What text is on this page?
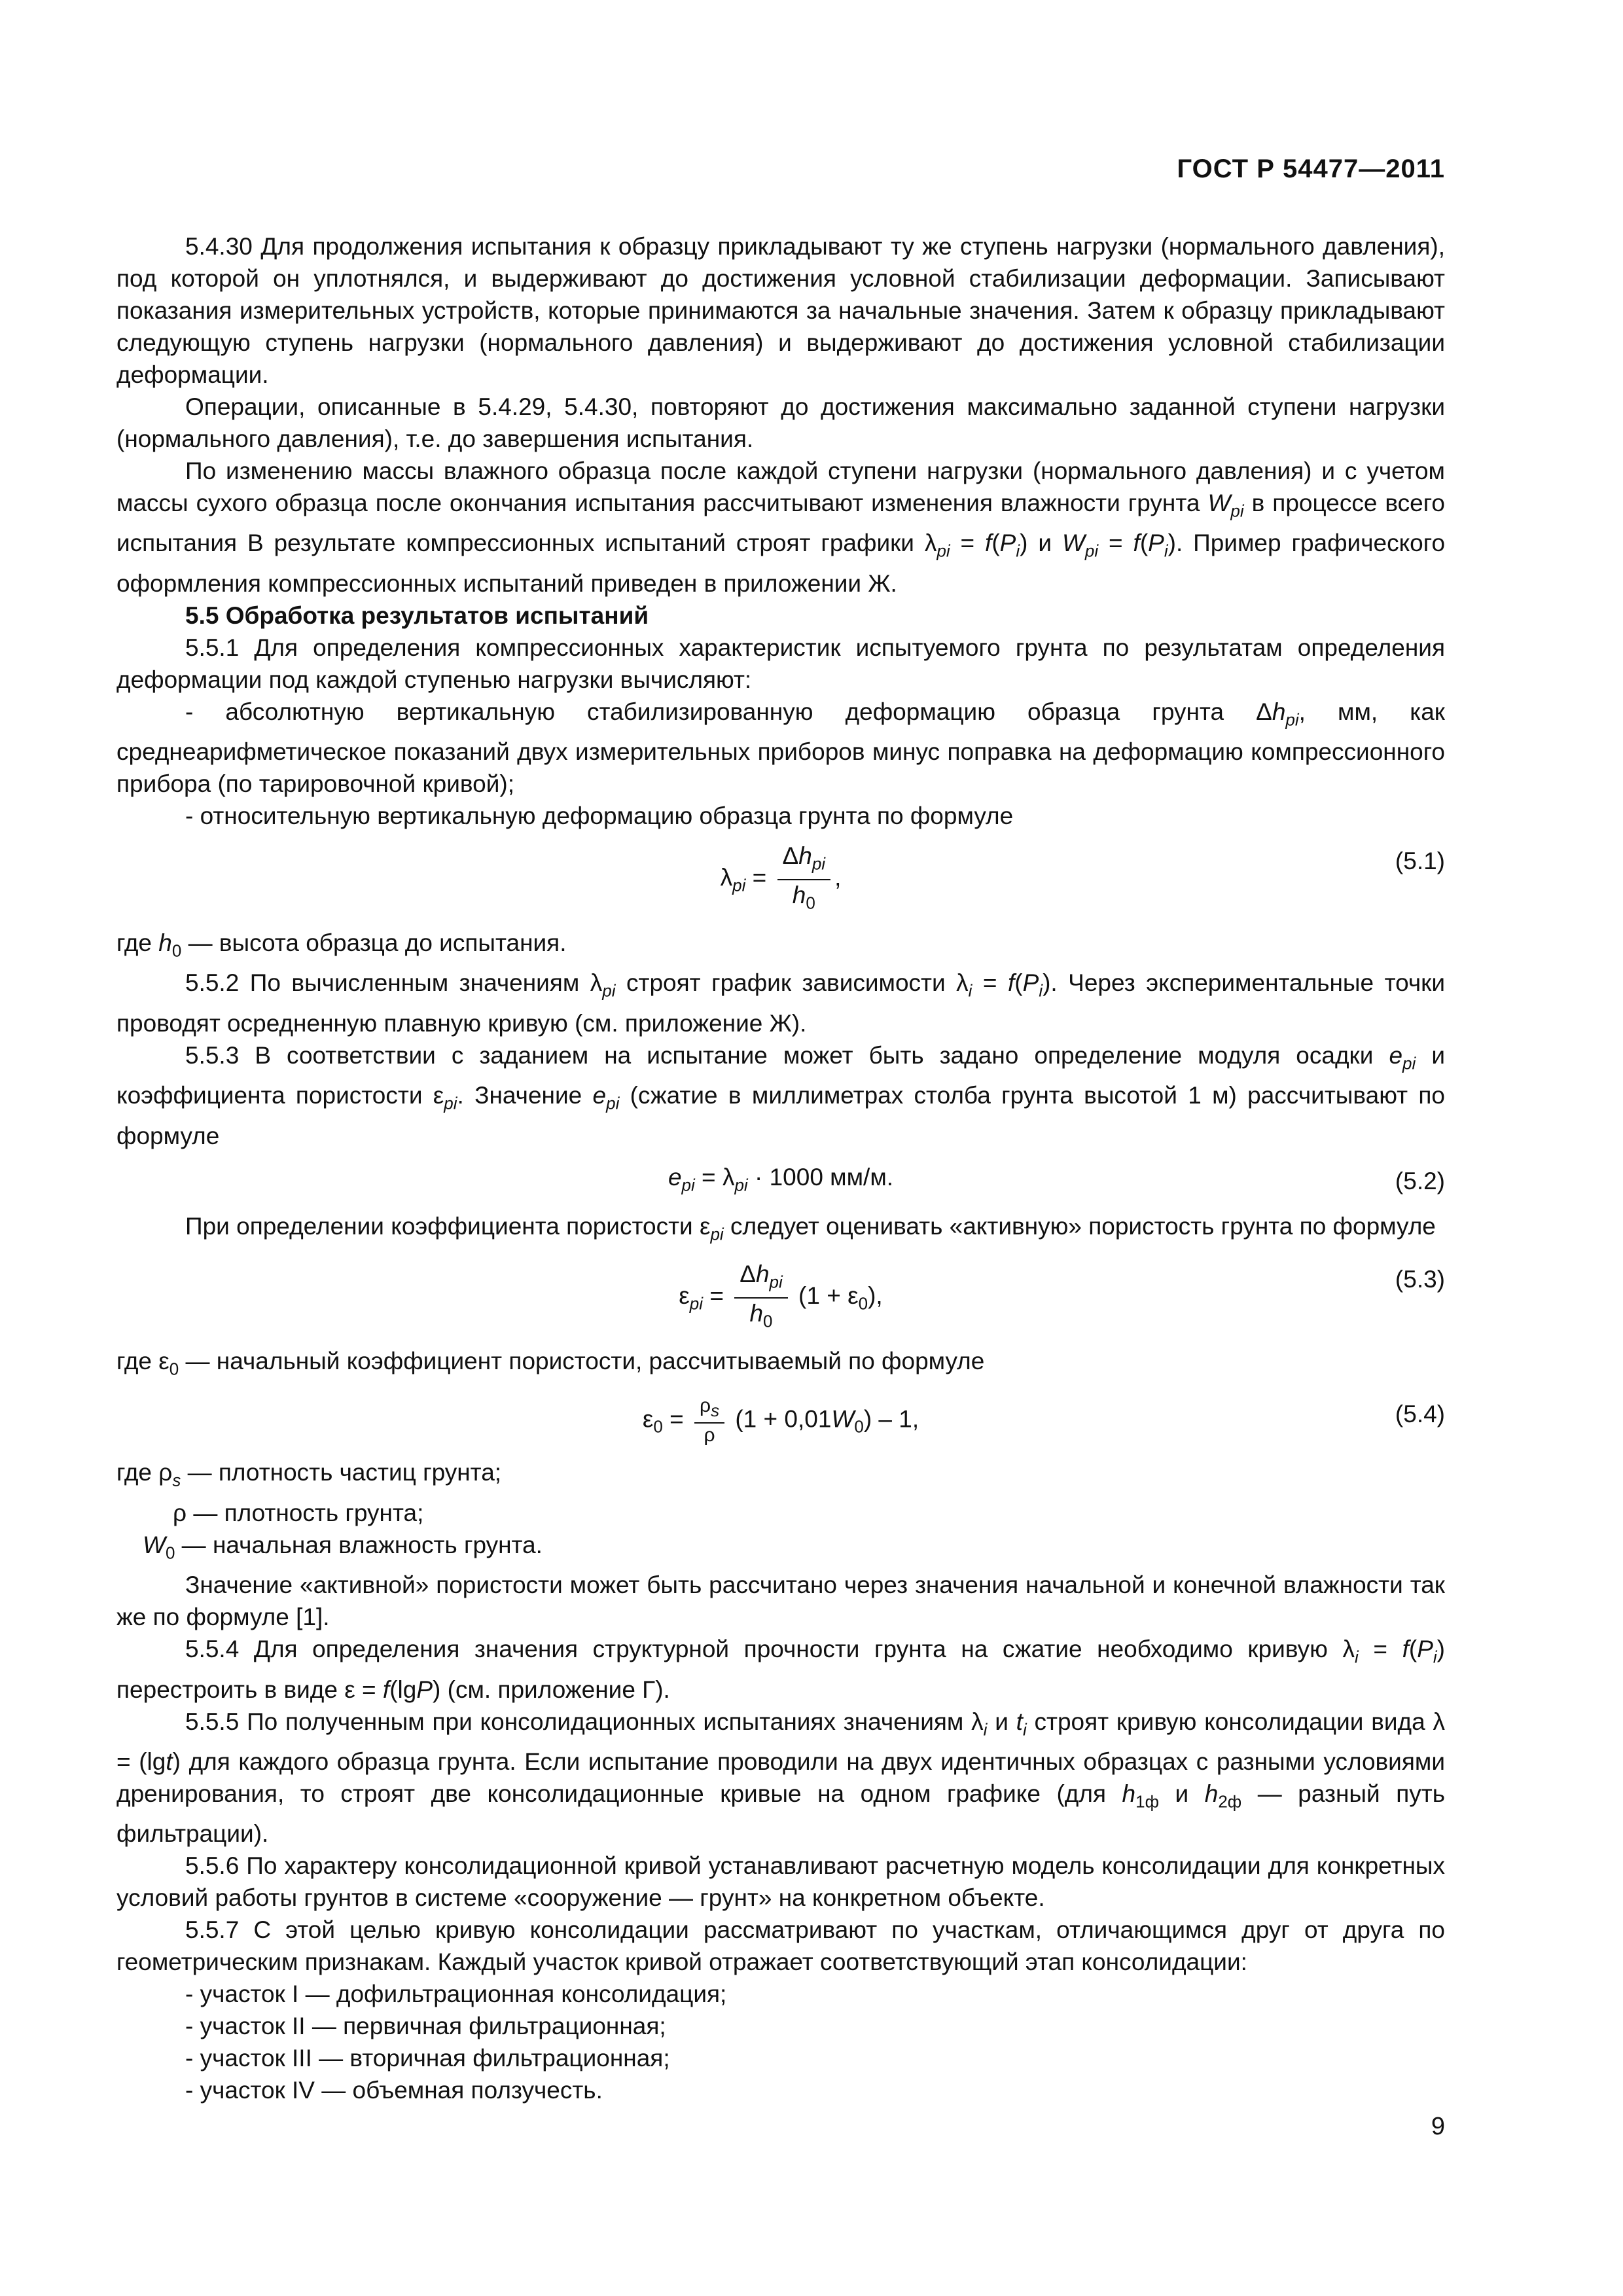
ГОСТ Р 54477—2011

5.4.30 Для продолжения испытания к образцу прикладывают ту же ступень нагрузки (нормального давления), под которой он уплотнялся, и выдерживают до достижения условной стабилизации деформации. Записывают показания измерительных устройств, которые принимаются за начальные значения. Затем к образцу прикладывают следующую ступень нагрузки (нормального давления) и выдерживают до достижения условной стабилизации деформации.

Операции, описанные в 5.4.29, 5.4.30, повторяют до достижения максимально заданной ступени нагрузки (нормального давления), т.е. до завершения испытания.

По изменению массы влажного образца после каждой ступени нагрузки (нормального давления) и с учетом массы сухого образца после окончания испытания рассчитывают изменения влажности грунта $W_{pi}$ в процессе всего испытания В результате компрессионных испытаний строят графики $\lambda_{pi} = f(P_i)$ и $W_{pi} = f(P_i)$. Пример графического оформления компрессионных испытаний приведен в приложении Ж.

5.5 Обработка результатов испытаний

5.5.1 Для определения компрессионных характеристик испытуемого грунта по результатам определения деформации под каждой ступенью нагрузки вычисляют:

- абсолютную вертикальную стабилизированную деформацию образца грунта $\Delta h_{pi}$, мм, как среднеарифметическое показаний двух измерительных приборов минус поправка на деформацию компрессионного прибора (по тарировочной кривой);

- относительную вертикальную деформацию образца грунта по формуле

$\lambda_{pi} = \frac{\Delta h_{pi}}{h_0}$ ,
(5.1)

где $h_0$ — высота образца до испытания.

5.5.2 По вычисленным значениям $\lambda_{pi}$ строят график зависимости $\lambda_i = f(P_i)$. Через экспериментальные точки проводят осредненную плавную кривую (см. приложение Ж).

5.5.3 В соответствии с заданием на испытание может быть задано определение модуля осадки $e_{pi}$ и коэффициента пористости $\varepsilon_{pi}$. Значение $e_{pi}$ (сжатие в миллиметрах столба грунта высотой 1 м) рассчитывают по формуле

$e_{pi} = \lambda_{pi} \cdot 1000$ мм/м.	(5.2)

При определении коэффициента пористости $\varepsilon_{pi}$ следует оценивать «активную» пористость грунта по формуле

$\varepsilon_{pi} = \frac{\Delta h_{pi}}{h_0} (1 + \varepsilon_0)$,
(5.3)

где $\varepsilon_0$ — начальный коэффициент пористости, рассчитываемый по формуле

$\varepsilon_0 = \frac{\rho_s}{\rho} (1 + 0,01W_0) - 1$,	(5.4)

где $\rho_s$ — плотность частиц грунта;

ρ — плотность грунта;

$W_0$ — начальная влажность грунта.

Значение «активной» пористости может быть рассчитано через значения начальной и конечной влажности так же по формуле [1].

5.5.4 Для определения значения структурной прочности грунта на сжатие необходимо кривую $\lambda_i = f(P_i)$ перестроить в виде ε = f(lgP) (см. приложение Г).

5.5.5 По полученным при консолидационных испытаниях значениям $\lambda_i$ и $t_i$ строят кривую консолидации вида λ = (lgt) для каждого образца грунта. Если испытание проводили на двух идентичных образцах с разными условиями дренирования, то строят две консолидационные кривые на одном графике (для $h_{1ф}$ и $h_{2ф}$ — разный путь фильтрации).

5.5.6 По характеру консолидационной кривой устанавливают расчетную модель консолидации для конкретных условий работы грунтов в системе «сооружение — грунт» на конкретном объекте.

5.5.7 С этой целью кривую консолидации рассматривают по участкам, отличающимся друг от друга по геометрическим признакам. Каждый участок кривой отражает соответствующий этап консолидации:

- участок I — дофильтрационная консолидация;

- участок II — первичная фильтрационная;

- участок III — вторичная фильтрационная;

- участок IV — объемная ползучесть.

9
